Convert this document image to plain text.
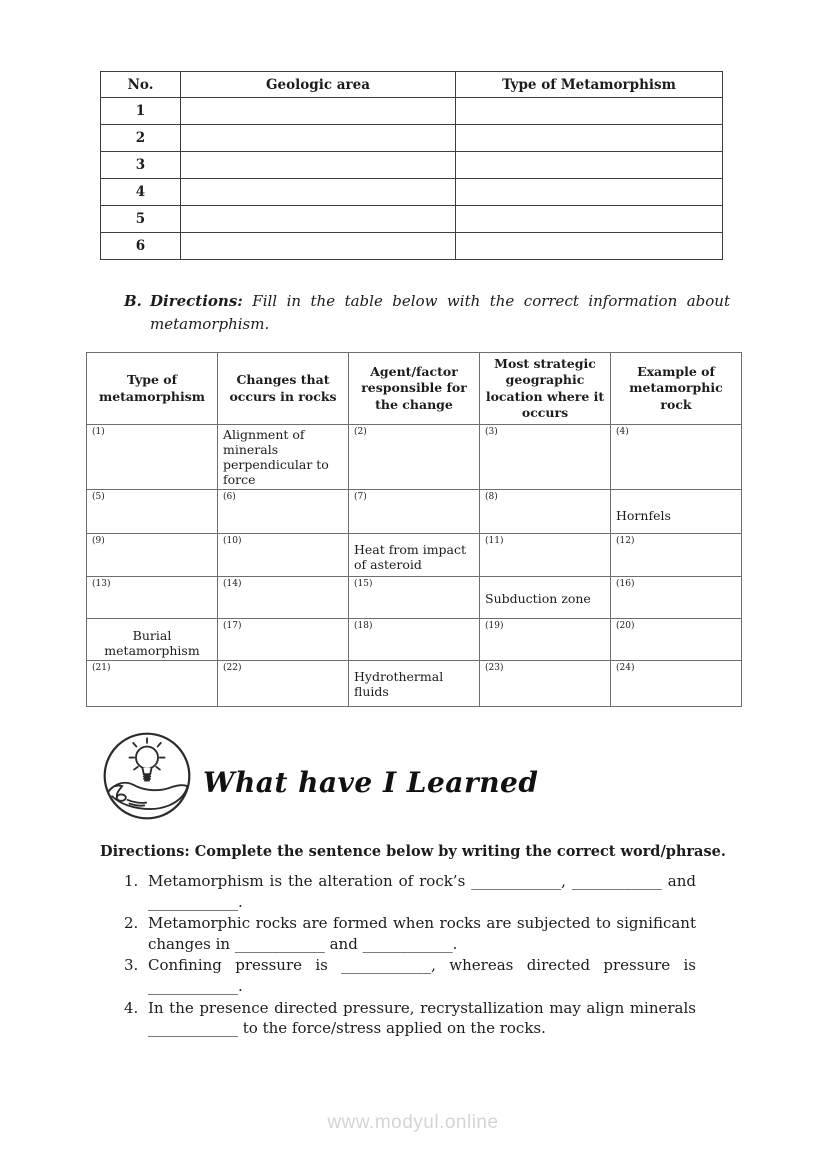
No.	Geologic area	Type of Metamorphism
1		
2		
3		
4		
5		
6		
B. Directions: Fill in the table below with the correct information about metamorphism.
Type of metamorphism	Changes that occurs in rocks	Agent/factor responsible for the change	Most strategic geographic location where it occurs	Example of metamorphic rock

(1)	Alignment of minerals perpendicular to force	(2)	(3)	(4)

(5)	(6)	(7)	(8)	Hornfels

(9)	(10)	Heat from impact of asteroid	(11)	(12)

(13)	(14)	(15)	Subduction zone	(16)

Burial metamorphism	(17)	(18)	(19)	(20)

(21)	(22)	Hydrothermal fluids	(23)	(24)
What have I Learned
Directions: Complete the sentence below by writing the correct word/phrase.
1. Metamorphism is the alteration of rock’s ____________, ____________ and ____________.
2. Metamorphic rocks are formed when rocks are subjected to significant changes in ____________ and ____________.
3. Confining pressure is ____________, whereas directed pressure is ____________.
4. In the presence directed pressure, recrystallization may align minerals ____________ to the force/stress applied on the rocks.
www.modyul.online
